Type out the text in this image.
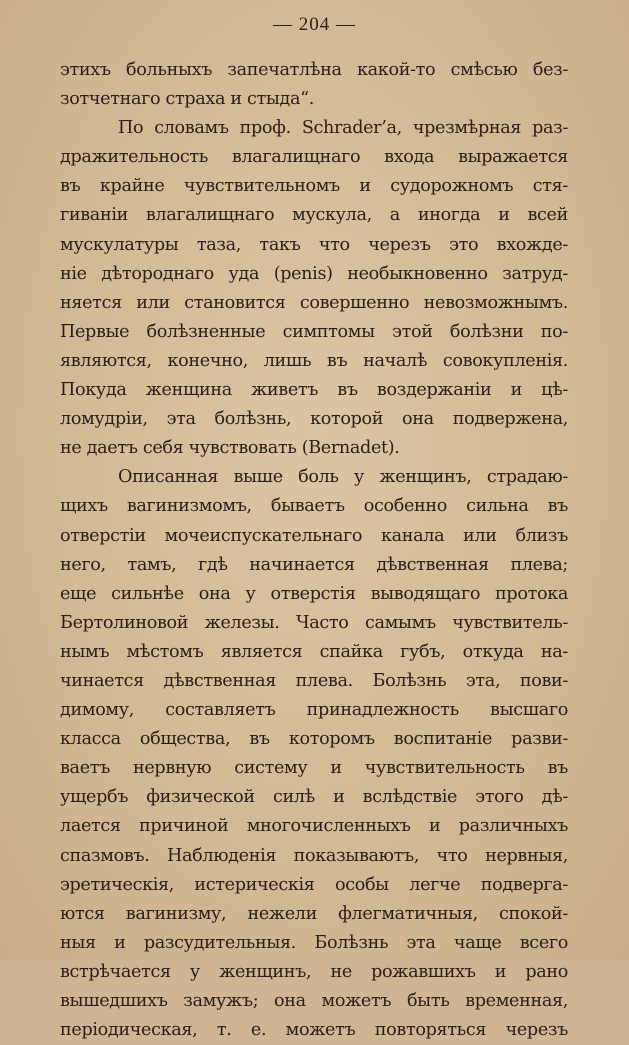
— 204 —
этихъ больныхъ запечатлѣна какой-то смѣсью без-
зотчетнаго страха и стыда“.
По словамъ проф. Schrader’а, чрезмѣрная раз-
дражительность влагалищнаго входа выражается
въ крайне чувствительномъ и судорожномъ стя-
гиванiи влагалищнаго мускула, а иногда и всей
мускулатуры таза, такъ что черезъ это вхожде-
нiе дѣтороднаго уда (penis) необыкновенно затруд-
няется или становится совершенно невозможнымъ.
Первые болѣзненные симптомы этой болѣзни по-
являются, конечно, лишь въ началѣ совокупленiя.
Покуда женщина живетъ въ воздержанiи и цѣ-
ломудрiи, эта болѣзнь, которой она подвержена,
не даетъ себя чувствовать (Bernadet).
Описанная выше боль у женщинъ, страдаю-
щихъ вагинизмомъ, бываетъ особенно сильна въ
отверстiи мочеиспускательнаго канала или близъ
него, тамъ, гдѣ начинается дѣвственная плева;
еще сильнѣе она у отверстiя выводящаго протока
Бертолиновой железы. Часто самымъ чувствитель-
нымъ мѣстомъ является спайка губъ, откуда на-
чинается дѣвственная плева. Болѣзнь эта, пови-
димому, составляетъ принадлежность высшаго
класса общества, въ которомъ воспитанiе разви-
ваетъ нервную систему и чувствительность въ
ущербъ физической силѣ и вслѣдствiе этого дѣ-
лается причиной многочисленныхъ и различныхъ
спазмовъ. Наблюденiя показываютъ, что нервныя,
эретическiя, истерическiя особы легче подверга-
ются вагинизму, нежели флегматичныя, спокой-
ныя и разсудительныя. Болѣзнь эта чаще всего
встрѣчается у женщинъ, не рожавшихъ и рано
вышедшихъ замужъ; она можетъ быть временная,
перiодическая, т. е. можетъ повторяться черезъ
